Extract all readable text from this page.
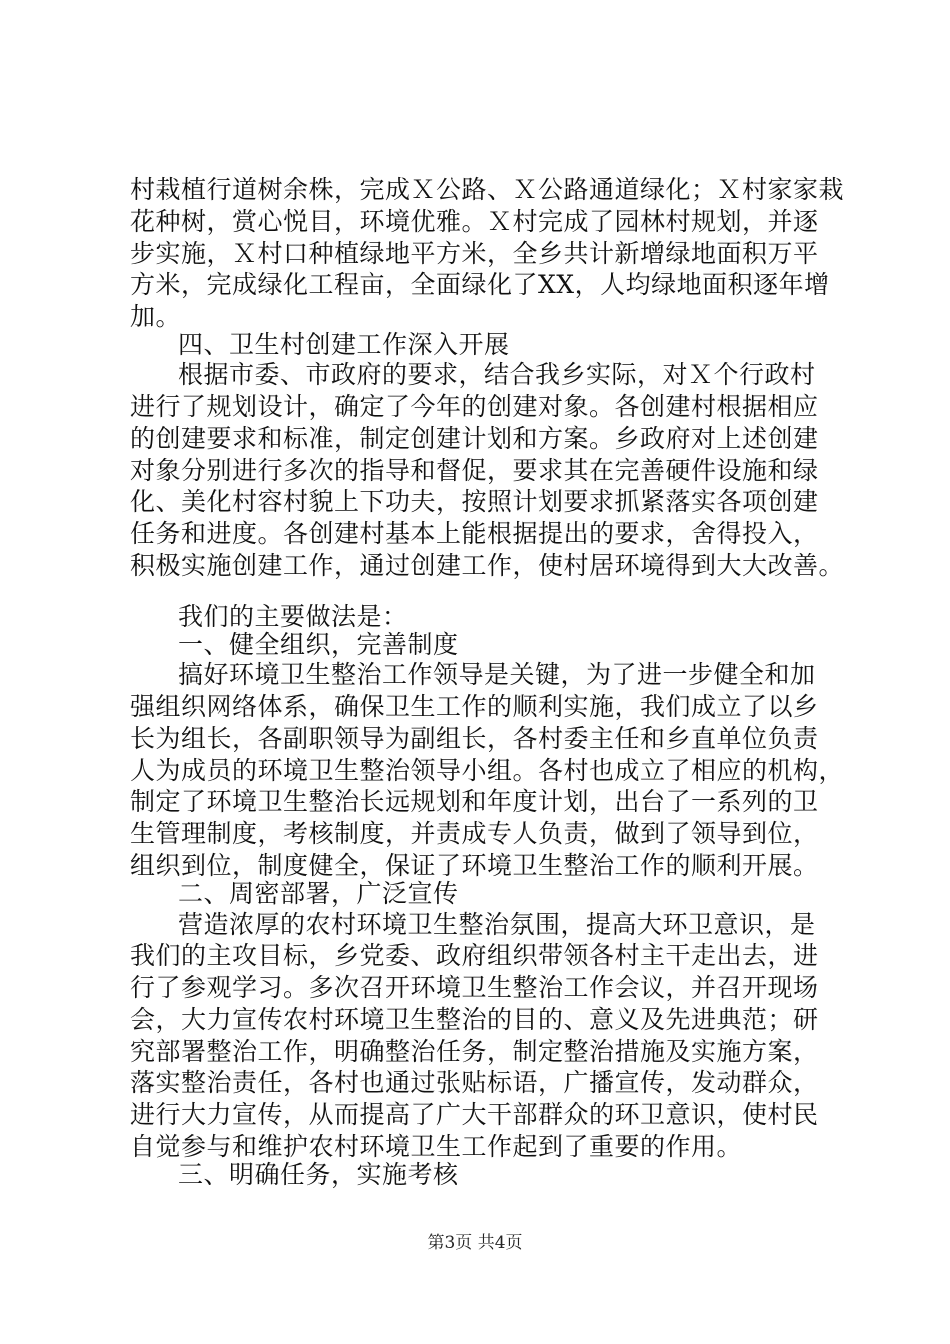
村栽植行道树余株，完成Ｘ公路、Ｘ公路通道绿化；Ｘ村家家栽
花种树，赏心悦目，环境优雅。Ｘ村完成了园林村规划，并逐
步实施，Ｘ村口种植绿地平方米，全乡共计新增绿地面积万平
方米，完成绿化工程亩，全面绿化了XX，人均绿地面积逐年增
加。
四、卫生村创建工作深入开展
根据市委、市政府的要求，结合我乡实际，对Ｘ个行政村
进行了规划设计，确定了今年的创建对象。各创建村根据相应
的创建要求和标准，制定创建计划和方案。乡政府对上述创建
对象分别进行多次的指导和督促，要求其在完善硬件设施和绿
化、美化村容村貌上下功夫，按照计划要求抓紧落实各项创建
任务和进度。各创建村基本上能根据提出的要求，舍得投入，
积极实施创建工作，通过创建工作，使村居环境得到大大改善。
我们的主要做法是：
一、健全组织，完善制度
搞好环境卫生整治工作领导是关键，为了进一步健全和加
强组织网络体系，确保卫生工作的顺利实施，我们成立了以乡
长为组长，各副职领导为副组长，各村委主任和乡直单位负责
人为成员的环境卫生整治领导小组。各村也成立了相应的机构，
制定了环境卫生整治长远规划和年度计划，出台了一系列的卫
生管理制度，考核制度，并责成专人负责，做到了领导到位，
组织到位，制度健全，保证了环境卫生整治工作的顺利开展。
二、周密部署，广泛宣传
营造浓厚的农村环境卫生整治氛围，提高大环卫意识，是
我们的主攻目标，乡党委、政府组织带领各村主干走出去，进
行了参观学习。多次召开环境卫生整治工作会议，并召开现场
会，大力宣传农村环境卫生整治的目的、意义及先进典范；研
究部署整治工作，明确整治任务，制定整治措施及实施方案，
落实整治责任，各村也通过张贴标语，广播宣传，发动群众，
进行大力宣传，从而提高了广大干部群众的环卫意识，使村民
自觉参与和维护农村环境卫生工作起到了重要的作用。
三、明确任务，实施考核
第3页 共4页
